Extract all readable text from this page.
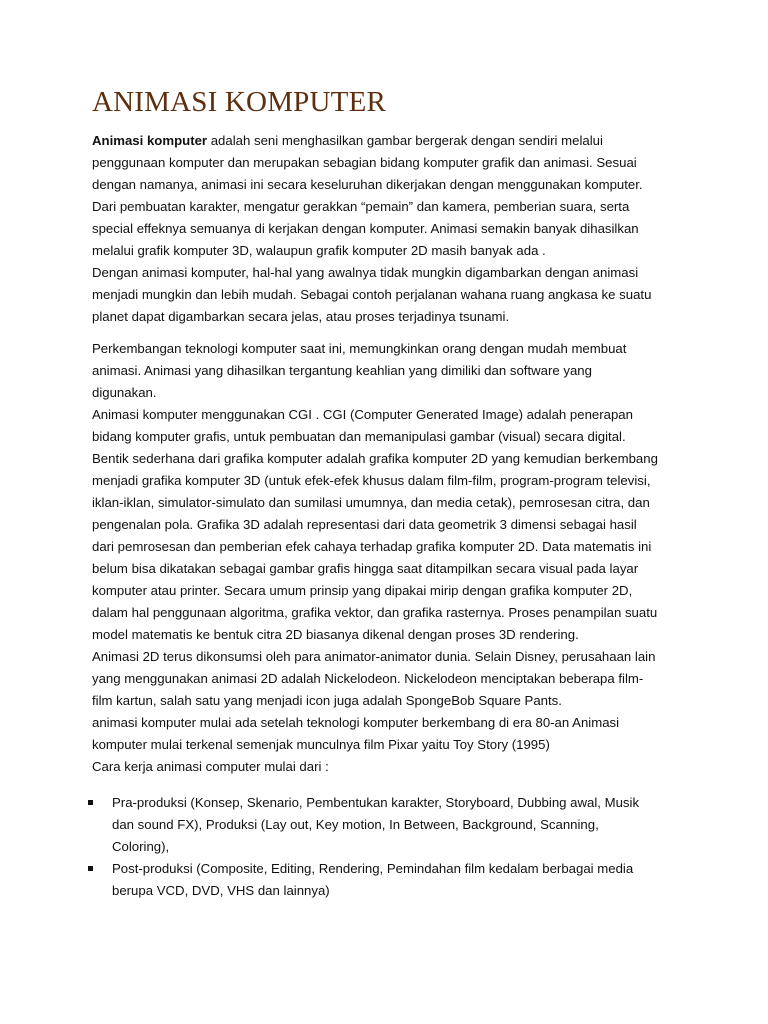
ANIMASI KOMPUTER

Animasi komputer adalah seni menghasilkan gambar bergerak dengan sendiri melalui
penggunaan komputer dan merupakan sebagian bidang komputer grafik dan animasi. Sesuai
dengan namanya, animasi ini secara keseluruhan dikerjakan dengan menggunakan komputer.
Dari pembuatan karakter, mengatur gerakkan “pemain” dan kamera, pemberian suara, serta
special effeknya semuanya di kerjakan dengan komputer. Animasi semakin banyak dihasilkan
melalui grafik komputer 3D, walaupun grafik komputer 2D masih banyak ada .
Dengan animasi komputer, hal-hal yang awalnya tidak mungkin digambarkan dengan animasi
menjadi mungkin dan lebih mudah. Sebagai contoh perjalanan wahana ruang angkasa ke suatu
planet dapat digambarkan secara jelas, atau proses terjadinya tsunami.

Perkembangan teknologi komputer saat ini, memungkinkan orang dengan mudah membuat
animasi. Animasi yang dihasilkan tergantung keahlian yang dimiliki dan software yang
digunakan.
Animasi komputer menggunakan CGI . CGI (Computer Generated Image) adalah penerapan
bidang komputer grafis, untuk pembuatan dan memanipulasi gambar (visual) secara digital.
Bentik sederhana dari grafika komputer adalah grafika komputer 2D yang kemudian berkembang
menjadi grafika komputer 3D (untuk efek-efek khusus dalam film-film, program-program televisi,
iklan-iklan, simulator-simulato dan sumilasi umumnya, dan media cetak), pemrosesan citra, dan
pengenalan pola. Grafika 3D adalah representasi dari data geometrik 3 dimensi sebagai hasil
dari pemrosesan dan pemberian efek cahaya terhadap grafika komputer 2D. Data matematis ini
belum bisa dikatakan sebagai gambar grafis hingga saat ditampilkan secara visual pada layar
komputer atau printer. Secara umum prinsip yang dipakai mirip dengan grafika komputer 2D,
dalam hal penggunaan algoritma, grafika vektor, dan grafika rasternya. Proses penampilan suatu
model matematis ke bentuk citra 2D biasanya dikenal dengan proses 3D rendering.
Animasi 2D terus dikonsumsi oleh para animator-animator dunia. Selain Disney, perusahaan lain
yang menggunakan animasi 2D adalah Nickelodeon. Nickelodeon menciptakan beberapa film-
film kartun, salah satu yang menjadi icon juga adalah SpongeBob Square Pants.
animasi komputer mulai ada setelah teknologi komputer berkembang di era 80-an Animasi
komputer mulai terkenal semenjak munculnya film Pixar yaitu Toy Story (1995)
Cara kerja animasi computer mulai dari :

Pra-produksi (Konsep, Skenario, Pembentukan karakter, Storyboard, Dubbing awal, Musik
dan sound FX), Produksi (Lay out, Key motion, In Between, Background, Scanning,
Coloring),
Post-produksi (Composite, Editing, Rendering, Pemindahan film kedalam berbagai media
berupa VCD, DVD, VHS dan lainnya)
